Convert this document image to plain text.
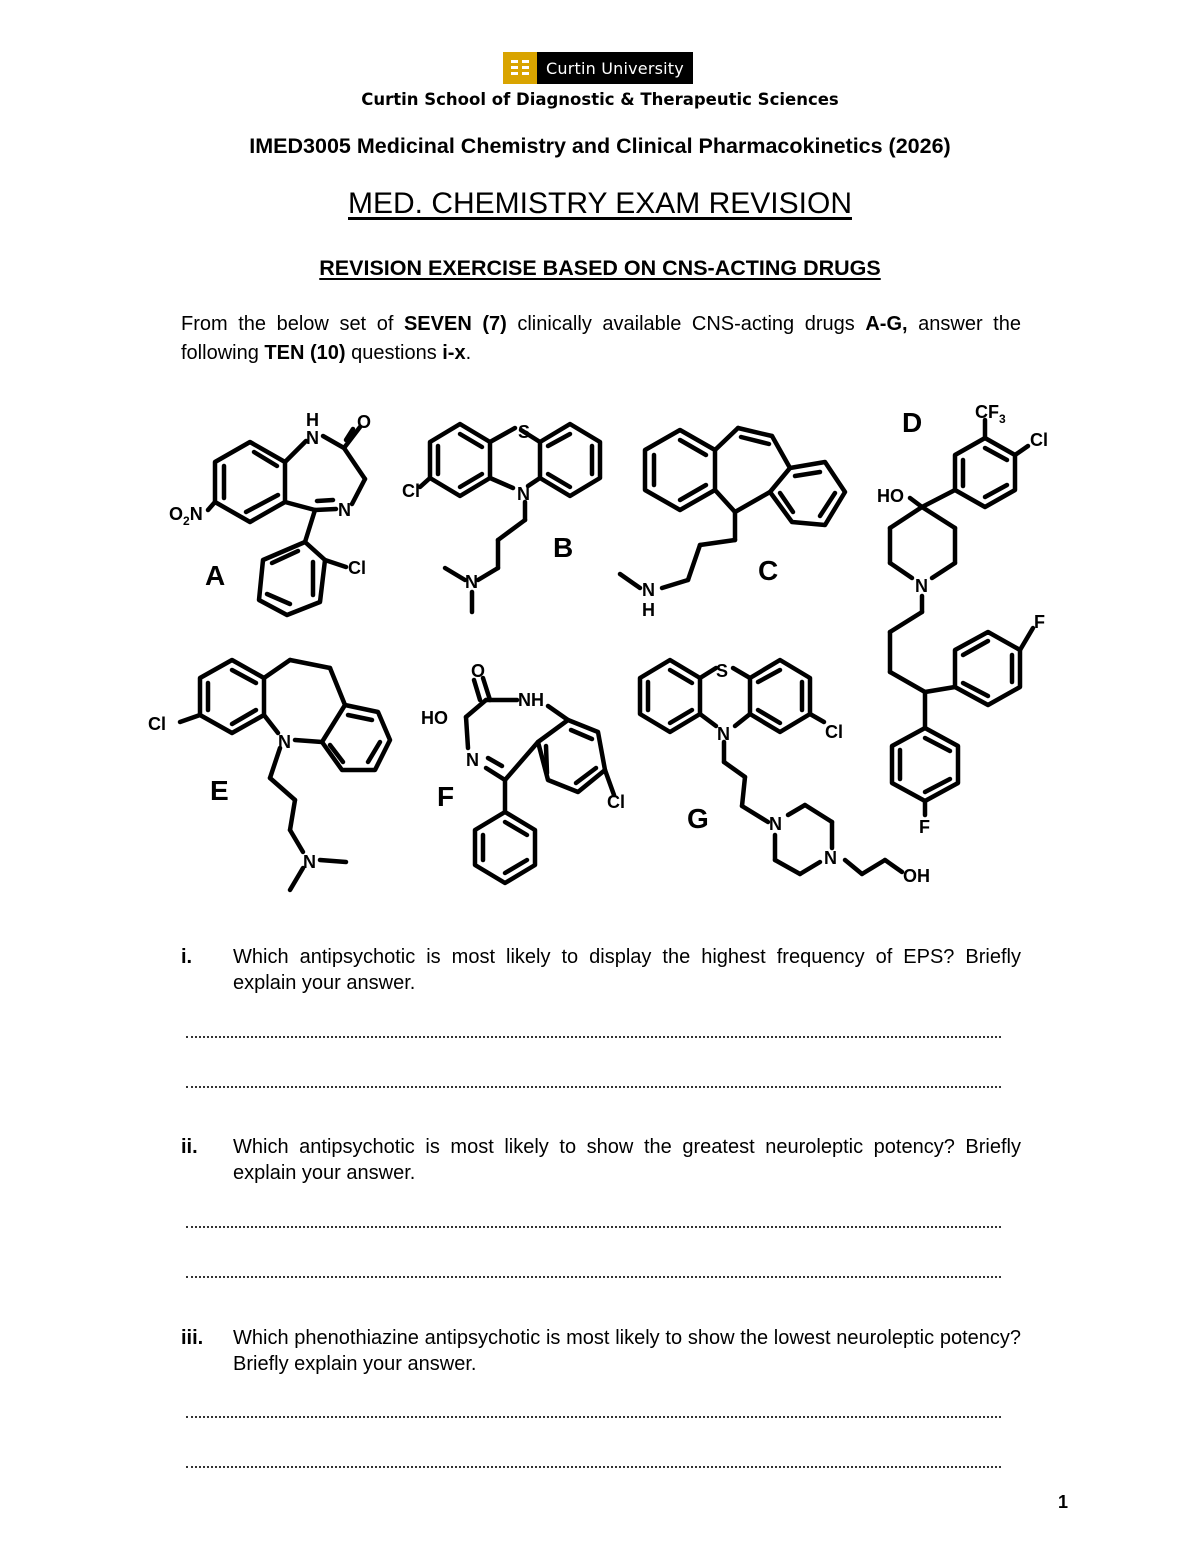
Curtin University
Curtin School of Diagnostic & Therapeutic Sciences
IMED3005 Medicinal Chemistry and Clinical Pharmacokinetics (2026)
MED. CHEMISTRY EXAM REVISION
REVISION EXERCISE BASED ON CNS-ACTING DRUGS
From the below set of SEVEN (7) clinically available CNS-acting drugs A-G, answer the following TEN (10) questions i-x.
H
N
O
N
$O_2N$
Cl
S
N
Cl
N	N
H
$CF_3$
Cl
HO
N
F
F
Cl
N
N
O
NH
HO
N
Cl
S
N	Cl
N
N
OH
A
B
C
D
E	F
G
i. Which antipsychotic is most likely to display the highest frequency of EPS? Briefly explain your answer.
ii. Which antipsychotic is most likely to show the greatest neuroleptic potency? Briefly explain your answer.
iii. Which phenothiazine antipsychotic is most likely to show the lowest neuroleptic potency? Briefly explain your answer.
1
